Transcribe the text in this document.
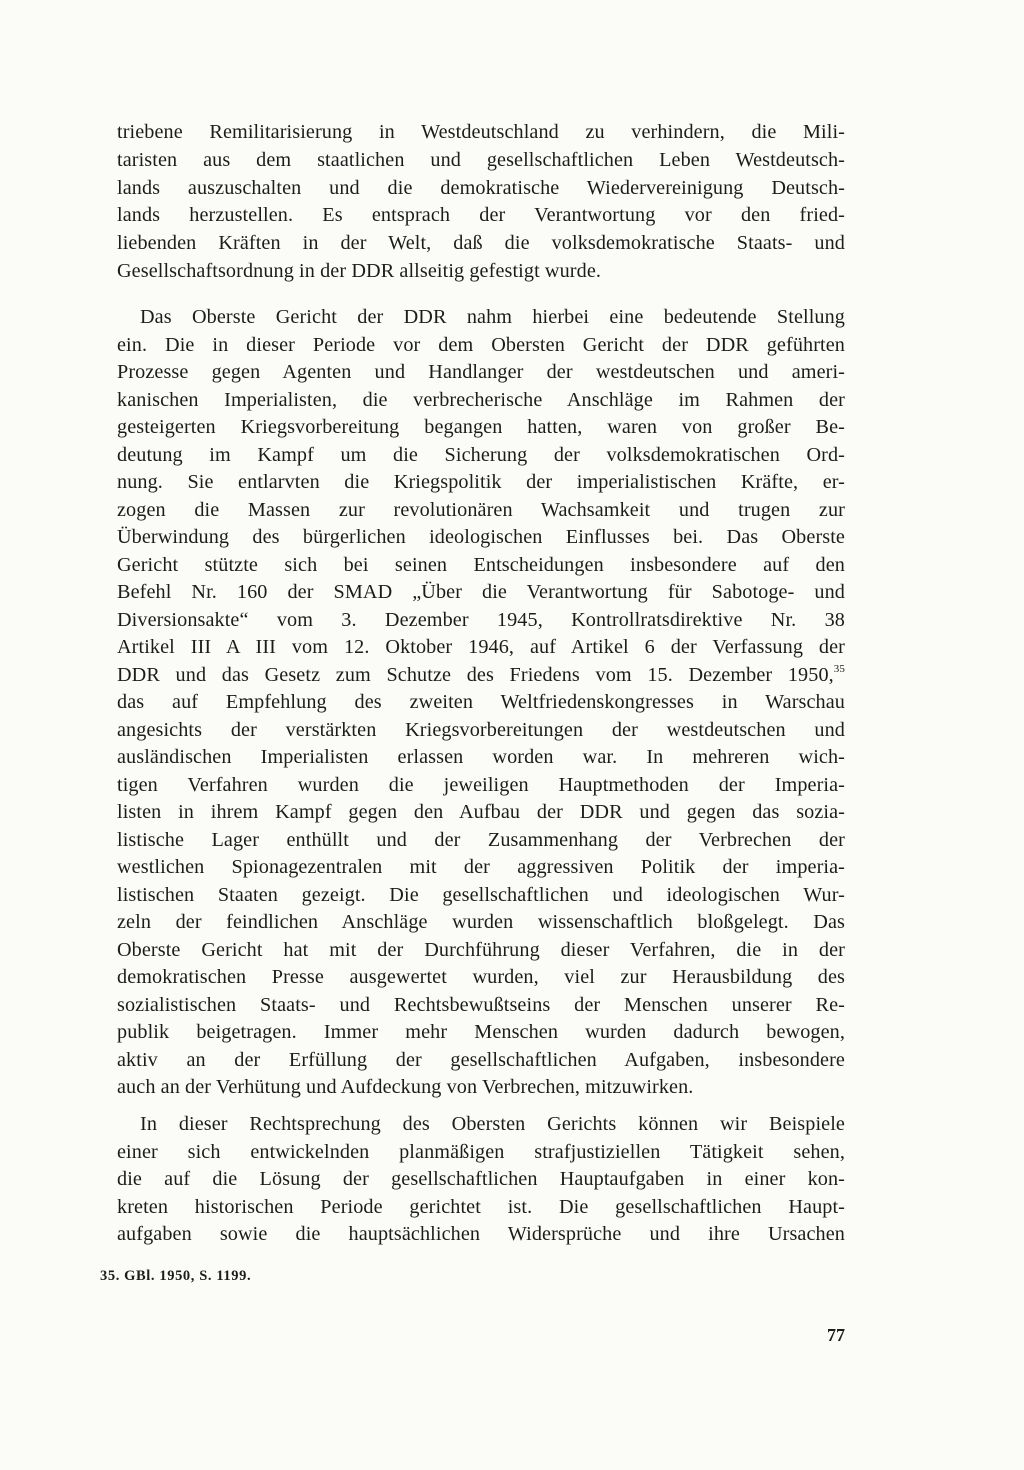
triebene Remilitarisierung in Westdeutschland zu verhindern, die Mili-
taristen aus dem staatlichen und gesellschaftlichen Leben Westdeutsch-
lands auszuschalten und die demokratische Wiedervereinigung Deutsch-
lands herzustellen. Es entsprach der Verantwortung vor den fried-
liebenden Kräften in der Welt, daß die volksdemokratische Staats- und
Gesellschaftsordnung in der DDR allseitig gefestigt wurde.
Das Oberste Gericht der DDR nahm hierbei eine bedeutende Stellung
ein. Die in dieser Periode vor dem Obersten Gericht der DDR geführten
Prozesse gegen Agenten und Handlanger der westdeutschen und ameri-
kanischen Imperialisten, die verbrecherische Anschläge im Rahmen der
gesteigerten Kriegsvorbereitung begangen hatten, waren von großer Be-
deutung im Kampf um die Sicherung der volksdemokratischen Ord-
nung. Sie entlarvten die Kriegspolitik der imperialistischen Kräfte, er-
zogen die Massen zur revolutionären Wachsamkeit und trugen zur
Überwindung des bürgerlichen ideologischen Einflusses bei. Das Oberste
Gericht stützte sich bei seinen Entscheidungen insbesondere auf den
Befehl Nr. 160 der SMAD „Über die Verantwortung für Sabotoge- und
Diversionsakte“ vom 3. Dezember 1945, Kontrollratsdirektive Nr. 38
Artikel III A III vom 12. Oktober 1946, auf Artikel 6 der Verfassung der
DDR und das Gesetz zum Schutze des Friedens vom 15. Dezember 1950,35
das auf Empfehlung des zweiten Weltfriedenskongresses in Warschau
angesichts der verstärkten Kriegsvorbereitungen der westdeutschen und
ausländischen Imperialisten erlassen worden war. In mehreren wich-
tigen Verfahren wurden die jeweiligen Hauptmethoden der Imperia-
listen in ihrem Kampf gegen den Aufbau der DDR und gegen das sozia-
listische Lager enthüllt und der Zusammenhang der Verbrechen der
westlichen Spionagezentralen mit der aggressiven Politik der imperia-
listischen Staaten gezeigt. Die gesellschaftlichen und ideologischen Wur-
zeln der feindlichen Anschläge wurden wissenschaftlich bloßgelegt. Das
Oberste Gericht hat mit der Durchführung dieser Verfahren, die in der
demokratischen Presse ausgewertet wurden, viel zur Herausbildung des
sozialistischen Staats- und Rechtsbewußtseins der Menschen unserer Re-
publik beigetragen. Immer mehr Menschen wurden dadurch bewogen,
aktiv an der Erfüllung der gesellschaftlichen Aufgaben, insbesondere
auch an der Verhütung und Aufdeckung von Verbrechen, mitzuwirken.
In dieser Rechtsprechung des Obersten Gerichts können wir Beispiele
einer sich entwickelnden planmäßigen strafjustiziellen Tätigkeit sehen,
die auf die Lösung der gesellschaftlichen Hauptaufgaben in einer kon-
kreten historischen Periode gerichtet ist. Die gesellschaftlichen Haupt-
aufgaben sowie die hauptsächlichen Widersprüche und ihre Ursachen
35. GBl. 1950, S. 1199.
77
